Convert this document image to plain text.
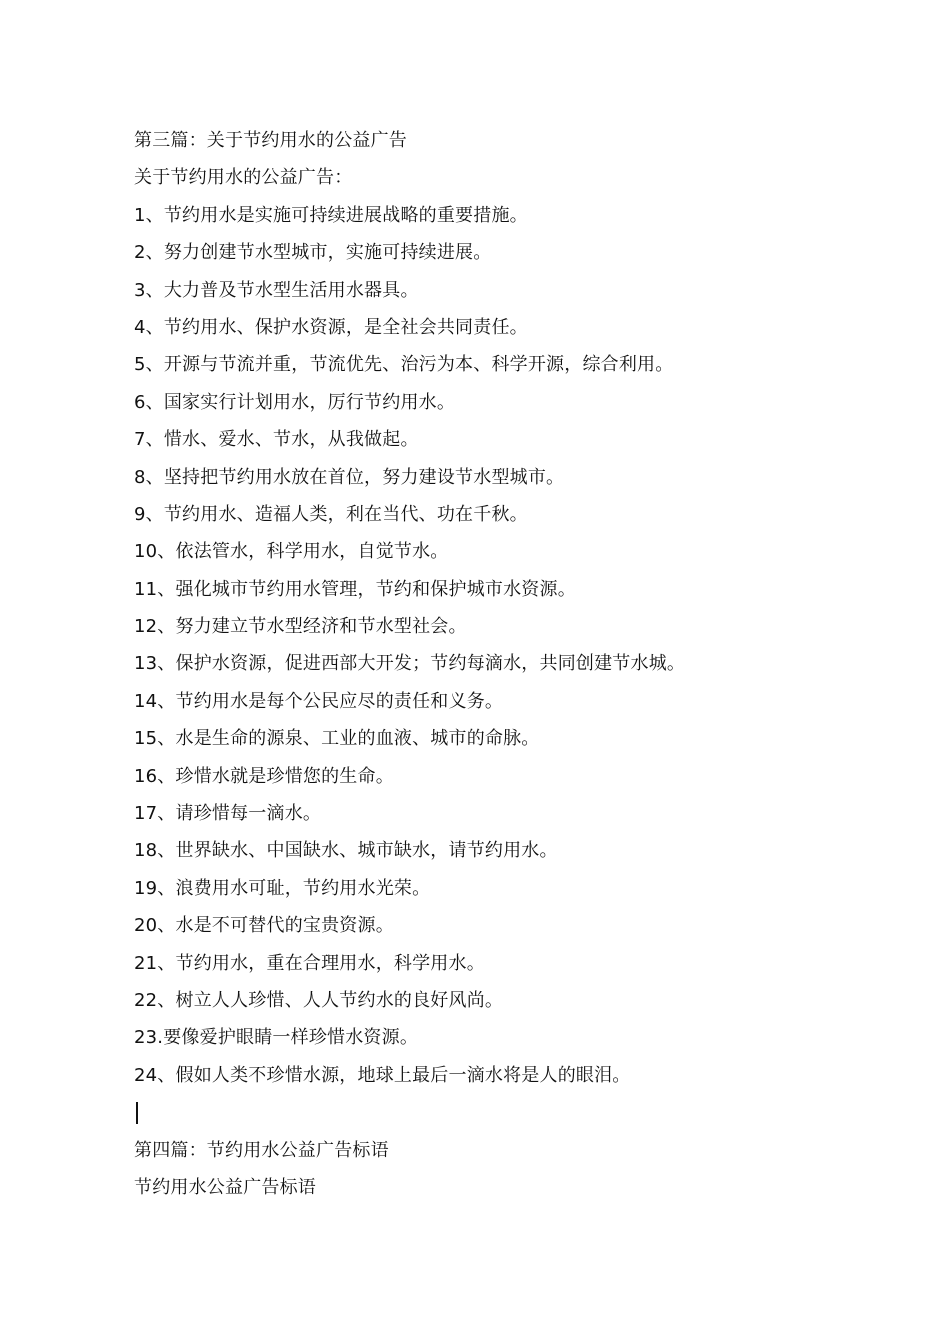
第三篇：关于节约用水的公益广告
关于节约用水的公益广告：
1、节约用水是实施可持续进展战略的重要措施。
2、努力创建节水型城市，实施可持续进展。
3、大力普及节水型生活用水器具。
4、节约用水、保护水资源，是全社会共同责任。
5、开源与节流并重，节流优先、治污为本、科学开源，综合利用。
6、国家实行计划用水，厉行节约用水。
7、惜水、爱水、节水，从我做起。
8、坚持把节约用水放在首位，努力建设节水型城市。
9、节约用水、造福人类，利在当代、功在千秋。
10、依法管水，科学用水，自觉节水。
11、强化城市节约用水管理，节约和保护城市水资源。
12、努力建立节水型经济和节水型社会。
13、保护水资源，促进西部大开发；节约每滴水，共同创建节水城。
14、节约用水是每个公民应尽的责任和义务。
15、水是生命的源泉、工业的血液、城市的命脉。
16、珍惜水就是珍惜您的生命。
17、请珍惜每一滴水。
18、世界缺水、中国缺水、城市缺水，请节约用水。
19、浪费用水可耻，节约用水光荣。
20、水是不可替代的宝贵资源。
21、节约用水，重在合理用水，科学用水。
22、树立人人珍惜、人人节约水的良好风尚。
23.要像爱护眼睛一样珍惜水资源。
24、假如人类不珍惜水源，地球上最后一滴水将是人的眼泪。
第四篇：节约用水公益广告标语
节约用水公益广告标语
